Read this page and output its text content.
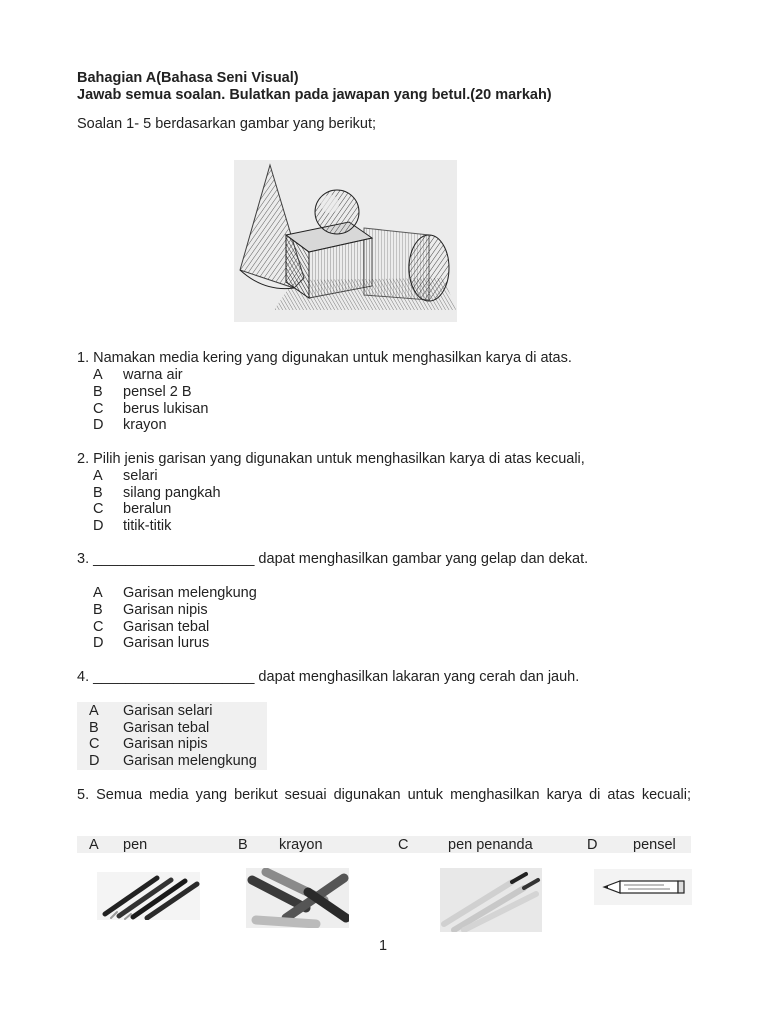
Bahagian A(Bahasa Seni Visual)
Jawab semua soalan. Bulatkan pada jawapan yang betul.(20 markah)
Soalan 1- 5 berdasarkan gambar yang berikut;
1. Namakan media kering yang digunakan untuk menghasilkan karya di atas.
A warna air
B pensel 2 B
C berus lukisan
D krayon
2. Pilih jenis garisan yang digunakan untuk menghasilkan karya di atas kecuali,
A selari
B silang pangkah
C beralun
D titik-titik
3. ____________________ dapat menghasilkan gambar yang gelap dan dekat.
A Garisan melengkung
B Garisan nipis
C Garisan tebal
D Garisan lurus
4. ____________________ dapat menghasilkan lakaran yang cerah dan jauh.
A Garisan selari
B Garisan tebal
C Garisan nipis
D Garisan melengkung
5. Semua media yang berikut sesuai digunakan untuk menghasilkan karya di atas kecuali;
A pen	B krayon	C	pen penanda	D pensel
1
